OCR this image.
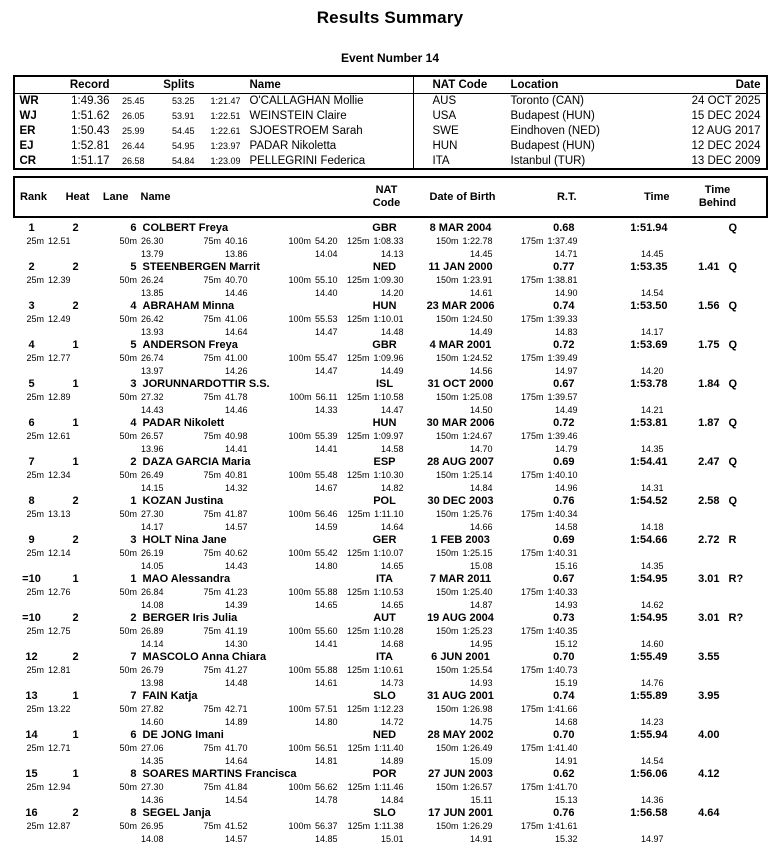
Results Summary
Event Number 14
Record	Splits	Name	NAT Code	Location	Date
WR	1:49.36	25.45	53.25	1:21.47 O'CALLAGHAN Mollie	AUS	Toronto (CAN)	24 OCT 2025
WJ	1:51.62	26.05	53.91	1:22.51 WEINSTEIN Claire	USA	Budapest (HUN)	15 DEC 2024
ER	1:50.43	25.99	54.45	1:22.61 SJOESTROEM Sarah	SWE	Eindhoven (NED)	12 AUG 2017
EJ	1:52.81	26.44	54.95	1:23.97 PADAR Nikoletta	HUN	Budapest (HUN)	12 DEC 2024
CR	1:51.17	26.58	54.84	1:23.09 PELLEGRINI Federica	ITA	Istanbul (TUR)	13 DEC 2009
Rank	Heat	Lane	Name
NAT
Code
Date of Birth	R.T.	Time
Time
Behind
1	2	6 COLBERT Freya	GBR	8 MAR 2004	0.68	1:51.94	Q
25m 12.51	50m 26.30	75m 40.16	100m 54.20 125m 1:08.33	150m 1:22.78	175m 1:37.49
13.79	13.86	14.04	14.13	14.45	14.71	14.45
2	2	5 STEENBERGEN Marrit	NED	11 JAN 2000	0.77	1:53.35	1.41 Q
25m 12.39	50m 26.24	75m 40.70	100m 55.10 125m 1:09.30	150m 1:23.91	175m 1:38.81
13.85	14.46	14.40	14.20	14.61	14.90	14.54
3	2	4 ABRAHAM Minna	HUN	23 MAR 2006	0.74	1:53.50	1.56 Q
25m 12.49	50m 26.42	75m 41.06	100m 55.53 125m 1:10.01	150m 1:24.50	175m 1:39.33
13.93	14.64	14.47	14.48	14.49	14.83	14.17
4	1	5 ANDERSON Freya	GBR	4 MAR 2001	0.72	1:53.69	1.75 Q
25m 12.77	50m 26.74	75m 41.00	100m 55.47 125m 1:09.96	150m 1:24.52	175m 1:39.49
13.97	14.26	14.47	14.49	14.56	14.97	14.20
5	1	3 JORUNNARDOTTIR S.S.	ISL	31 OCT 2000	0.67	1:53.78	1.84 Q
25m 12.89	50m 27.32	75m 41.78	100m 56.11 125m 1:10.58	150m 1:25.08	175m 1:39.57
14.43	14.46	14.33	14.47	14.50	14.49	14.21
6	1	4 PADAR Nikolett	HUN	30 MAR 2006	0.72	1:53.81	1.87 Q
25m 12.61	50m 26.57	75m 40.98	100m 55.39 125m 1:09.97	150m 1:24.67	175m 1:39.46
13.96	14.41	14.41	14.58	14.70	14.79	14.35
7	1	2 DAZA GARCIA Maria	ESP	28 AUG 2007	0.69	1:54.41	2.47 Q
25m 12.34	50m 26.49	75m 40.81	100m 55.48 125m 1:10.30	150m 1:25.14	175m 1:40.10
14.15	14.32	14.67	14.82	14.84	14.96	14.31
8	2	1 KOZAN Justina	POL	30 DEC 2003	0.76	1:54.52	2.58 Q
25m 13.13	50m 27.30	75m 41.87	100m 56.46 125m 1:11.10	150m 1:25.76	175m 1:40.34
14.17	14.57	14.59	14.64	14.66	14.58	14.18
9	2	3 HOLT Nina Jane	GER	1 FEB 2003	0.69	1:54.66	2.72 R
25m 12.14	50m 26.19	75m 40.62	100m 55.42 125m 1:10.07	150m 1:25.15	175m 1:40.31
14.05	14.43	14.80	14.65	15.08	15.16	14.35
=10	1	1 MAO Alessandra	ITA	7 MAR 2011	0.67	1:54.95	3.01 R?
25m 12.76	50m 26.84	75m 41.23	100m 55.88 125m 1:10.53	150m 1:25.40	175m 1:40.33
14.08	14.39	14.65	14.65	14.87	14.93	14.62
=10	2	2 BERGER Iris Julia	AUT	19 AUG 2004	0.73	1:54.95	3.01 R?
25m 12.75	50m 26.89	75m 41.19	100m 55.60 125m 1:10.28	150m 1:25.23	175m 1:40.35
14.14	14.30	14.41	14.68	14.95	15.12	14.60
12	2	7 MASCOLO Anna Chiara	ITA	6 JUN 2001	0.70	1:55.49	3.55
25m 12.81	50m 26.79	75m 41.27	100m 55.88 125m 1:10.61	150m 1:25.54	175m 1:40.73
13.98	14.48	14.61	14.73	14.93	15.19	14.76
13	1	7 FAIN Katja	SLO	31 AUG 2001	0.74	1:55.89	3.95
25m 13.22	50m 27.82	75m 42.71	100m 57.51 125m 1:12.23	150m 1:26.98	175m 1:41.66
14.60	14.89	14.80	14.72	14.75	14.68	14.23
14	1	6 DE JONG Imani	NED	28 MAY 2002	0.70	1:55.94	4.00
25m 12.71	50m 27.06	75m 41.70	100m 56.51 125m 1:11.40	150m 1:26.49	175m 1:41.40
14.35	14.64	14.81	14.89	15.09	14.91	14.54
15	1	8 SOARES MARTINS Francisca	POR	27 JUN 2003	0.62	1:56.06	4.12
25m 12.94	50m 27.30	75m 41.84	100m 56.62 125m 1:11.46	150m 1:26.57	175m 1:41.70
14.36	14.54	14.78	14.84	15.11	15.13	14.36
16	2	8 SEGEL Janja	SLO	17 JUN 2001	0.76	1:56.58	4.64
25m 12.87	50m 26.95	75m 41.52	100m 56.37 125m 1:11.38	150m 1:26.29	175m 1:41.61
14.08	14.57	14.85	15.01	14.91	15.32	14.97
